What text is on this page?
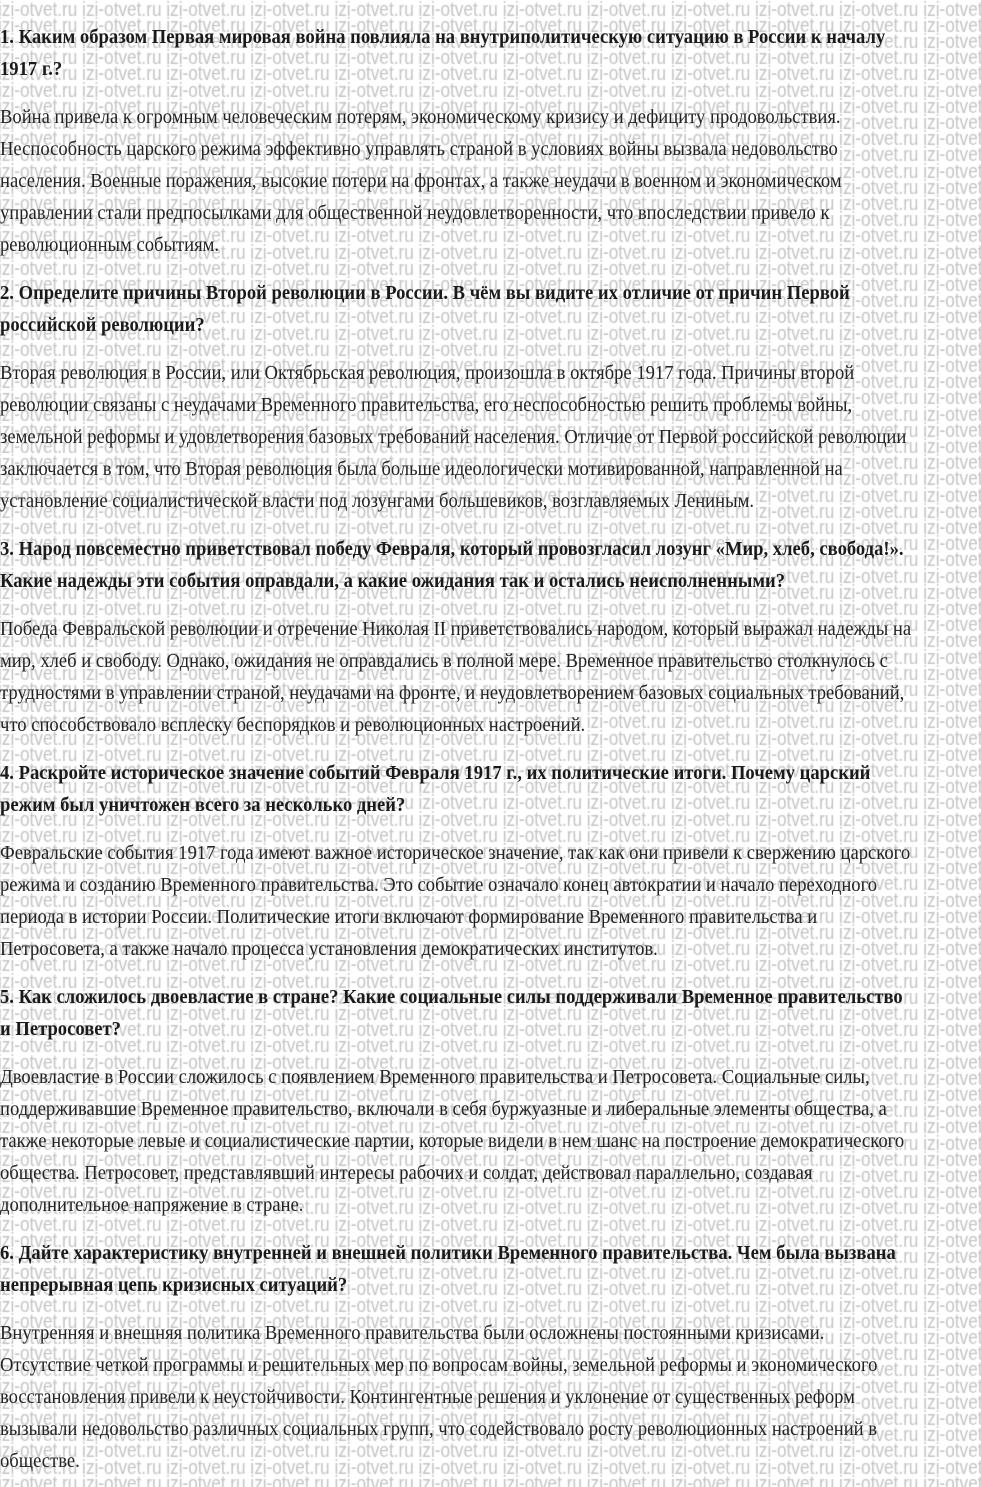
1. Каким образом Первая мировая война повлияла на внутриполитическую ситуацию в России к началу
1917 г.?
Война привела к огромным человеческим потерям, экономическому кризису и дефициту продовольствия.
Неспособность царского режима эффективно управлять страной в условиях войны вызвала недовольство
населения. Военные поражения, высокие потери на фронтах, а также неудачи в военном и экономическом
управлении стали предпосылками для общественной неудовлетворенности, что впоследствии привело к
революционным событиям.
2. Определите причины Второй революции в России. В чём вы видите их отличие от причин Первой
российской революции?
Вторая революция в России, или Октябрьская революция, произошла в октябре 1917 года. Причины второй
революции связаны с неудачами Временного правительства, его неспособностью решить проблемы войны,
земельной реформы и удовлетворения базовых требований населения. Отличие от Первой российской революции
заключается в том, что Вторая революция была больше идеологически мотивированной, направленной на
установление социалистической власти под лозунгами большевиков, возглавляемых Лениным.
3. Народ повсеместно приветствовал победу Февраля, который провозгласил лозунг «Мир, хлеб, свобода!».
Какие надежды эти события оправдали, а какие ожидания так и остались неисполненными?
Победа Февральской революции и отречение Николая II приветствовались народом, который выражал надежды на
мир, хлеб и свободу. Однако, ожидания не оправдались в полной мере. Временное правительство столкнулось с
трудностями в управлении страной, неудачами на фронте, и неудовлетворением базовых социальных требований,
что способствовало всплеску беспорядков и революционных настроений.
4. Раскройте историческое значение событий Февраля 1917 г., их политические итоги. Почему царский
режим был уничтожен всего за несколько дней?
Февральские события 1917 года имеют важное историческое значение, так как они привели к свержению царского
режима и созданию Временного правительства. Это событие означало конец автократии и начало переходного
периода в истории России. Политические итоги включают формирование Временного правительства и
Петросовета, а также начало процесса установления демократических институтов.
5. Как сложилось двоевластие в стране? Какие социальные силы поддерживали Временное правительство
и Петросовет?
Двоевластие в России сложилось с появлением Временного правительства и Петросовета. Социальные силы,
поддерживавшие Временное правительство, включали в себя буржуазные и либеральные элементы общества, а
также некоторые левые и социалистические партии, которые видели в нем шанс на построение демократического
общества. Петросовет, представлявший интересы рабочих и солдат, действовал параллельно, создавая
дополнительное напряжение в стране.
6. Дайте характеристику внутренней и внешней политики Временного правительства. Чем была вызвана
непрерывная цепь кризисных ситуаций?
Внутренняя и внешняя политика Временного правительства были осложнены постоянными кризисами.
Отсутствие четкой программы и решительных мер по вопросам войны, земельной реформы и экономического
восстановления привели к неустойчивости. Контингентные решения и уклонение от существенных реформ
вызывали недовольство различных социальных групп, что содействовало росту революционных настроений в
обществе.
